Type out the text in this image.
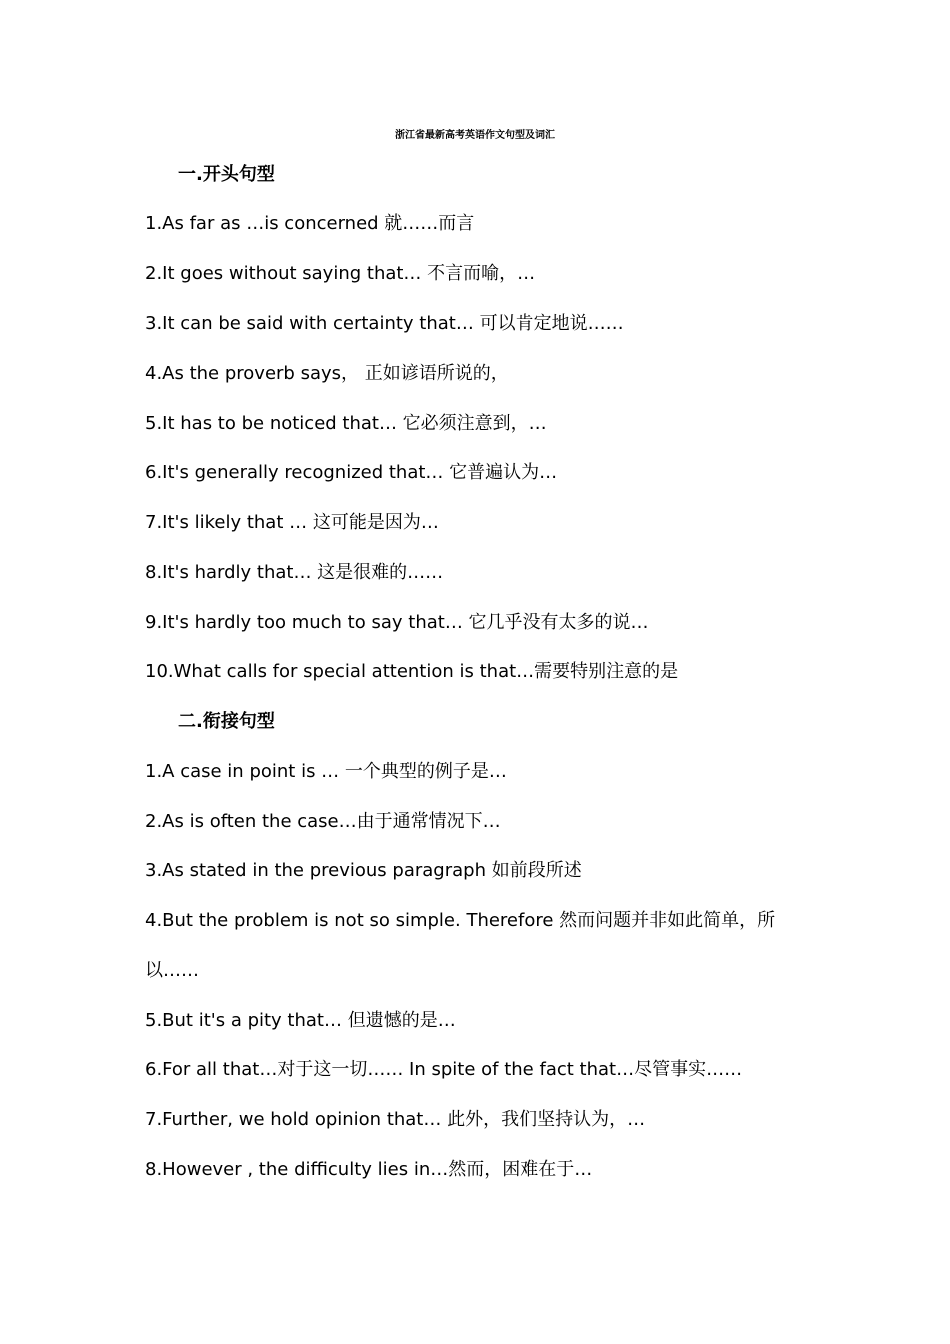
浙江省最新高考英语作文句型及词汇
一.开头句型
1.As far as …is concerned 就……而言
2.It goes without saying that… 不言而喻，…
3.It can be said with certainty that… 可以肯定地说……
4.As the proverb says， 正如谚语所说的，
5.It has to be noticed that… 它必须注意到，…
6.It's generally recognized that… 它普遍认为…
7.It's likely that … 这可能是因为…
8.It's hardly that… 这是很难的……
9.It's hardly too much to say that… 它几乎没有太多的说…
10.What calls for special attention is that…需要特别注意的是
二.衔接句型
1.A case in point is … 一个典型的例子是…
2.As is often the case…由于通常情况下…
3.As stated in the previous paragraph 如前段所述
4.But the problem is not so simple. Therefore 然而问题并非如此简单，所
以……
5.But it's a pity that… 但遗憾的是…
6.For all that…对于这一切…… In spite of the fact that…尽管事实……
7.Further, we hold opinion that… 此外，我们坚持认为，…
8.However , the difficulty lies in…然而，困难在于…
